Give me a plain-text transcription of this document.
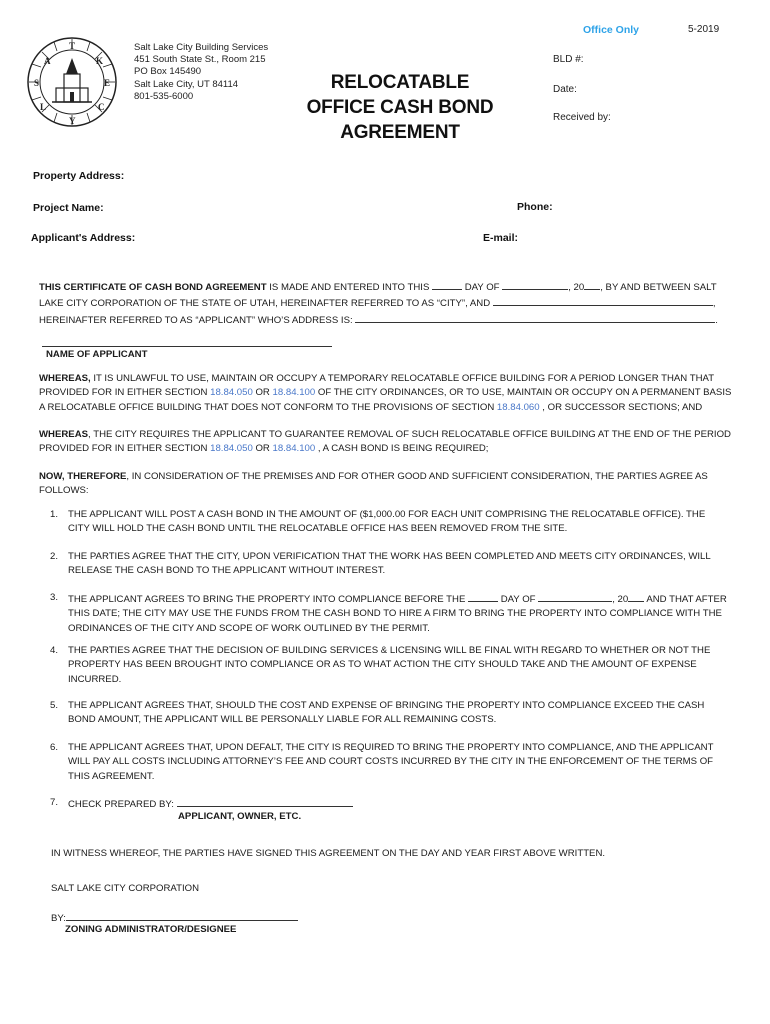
T
A	K
S	E
L	C
Y
Salt Lake City Building Services
451 South State St., Room 215
PO Box 145490
Salt Lake City, UT 84114
801-535-6000
RELOCATABLE
OFFICE CASH BOND
AGREEMENT
Office Only	5-2019
BLD #:
Date:
Received by:
Property Address:
Project Name:	Phone:
Applicant's Address:	E-mail:
THIS CERTIFICATE OF CASH BOND AGREEMENT IS MADE AND ENTERED INTO THIS	DAY OF	, 20 , BY AND BETWEEN SALT
LAKE CITY CORPORATION OF THE STATE OF UTAH, HEREINAFTER REFERRED TO AS “CITY”, AND	,
HEREINAFTER REFERRED TO AS “APPLICANT” WHO’S ADDRESS IS:	.
NAME OF APPLICANT
WHEREAS, IT IS UNLAWFUL TO USE, MAINTAIN OR OCCUPY A TEMPORARY RELOCATABLE OFFICE BUILDING FOR A PERIOD LONGER THAN THAT
PROVIDED FOR IN EITHER SECTION 18.84.050 OR 18.84.100 OF THE CITY ORDINANCES, OR TO USE, MAINTAIN OR OCCUPY ON A PERMANENT BASIS
A RELOCATABLE OFFICE BUILDING THAT DOES NOT CONFORM TO THE PROVISIONS OF SECTION 18.84.060 , OR SUCCESSOR SECTIONS; AND
WHEREAS, THE CITY REQUIRES THE APPLICANT TO GUARANTEE REMOVAL OF SUCH RELOCATABLE OFFICE BUILDING AT THE END OF THE PERIOD
PROVIDED FOR IN EITHER SECTION 18.84.050 OR 18.84.100 , A CASH BOND IS BEING REQUIRED;
NOW, THEREFORE, IN CONSIDERATION OF THE PREMISES AND FOR OTHER GOOD AND SUFFICIENT CONSIDERATION, THE PARTIES AGREE AS
FOLLOWS:
1. THE APPLICANT WILL POST A CASH BOND IN THE AMOUNT OF ($1,000.00 FOR EACH UNIT COMPRISING THE RELOCATABLE OFFICE). THE
CITY WILL HOLD THE CASH BOND UNTIL THE RELOCATABLE OFFICE HAS BEEN REMOVED FROM THE SITE.
2. THE PARTIES AGREE THAT THE CITY, UPON VERIFICATION THAT THE WORK HAS BEEN COMPLETED AND MEETS CITY ORDINANCES, WILL
RELEASE THE CASH BOND TO THE APPLICANT WITHOUT INTEREST.
3. THE APPLICANT AGREES TO BRING THE PROPERTY INTO COMPLIANCE BEFORE THE	DAY OF	, 20 AND THAT AFTER
THIS DATE; THE CITY MAY USE THE FUNDS FROM THE CASH BOND TO HIRE A FIRM TO BRING THE PROPERTY INTO COMPLIANCE WITH THE
ORDINANCES OF THE CITY AND SCOPE OF WORK OUTLINED BY THE PERMIT.
4. THE PARTIES AGREE THAT THE DECISION OF BUILDING SERVICES & LICENSING WILL BE FINAL WITH REGARD TO WHETHER OR NOT THE
PROPERTY HAS BEEN BROUGHT INTO COMPLIANCE OR AS TO WHAT ACTION THE CITY SHOULD TAKE AND THE AMOUNT OF EXPENSE
INCURRED.
5. THE APPLICANT AGREES THAT, SHOULD THE COST AND EXPENSE OF BRINGING THE PROPERTY INTO COMPLIANCE EXCEED THE CASH
BOND AMOUNT, THE APPLICANT WILL BE PERSONALLY LIABLE FOR ALL REMAINING COSTS.
6. THE APPLICANT AGREES THAT, UPON DEFALT, THE CITY IS REQUIRED TO BRING THE PROPERTY INTO COMPLIANCE, AND THE APPLICANT
WILL PAY ALL COSTS INCLUDING ATTORNEY’S FEE AND COURT COSTS INCURRED BY THE CITY IN THE ENFORCEMENT OF THE TERMS OF
THIS AGREEMENT.
7. CHECK PREPARED BY:
APPLICANT, OWNER, ETC.
IN WITNESS WHEREOF, THE PARTIES HAVE SIGNED THIS AGREEMENT ON THE DAY AND YEAR FIRST ABOVE WRITTEN.
SALT LAKE CITY CORPORATION
BY:
ZONING ADMINISTRATOR/DESIGNEE
